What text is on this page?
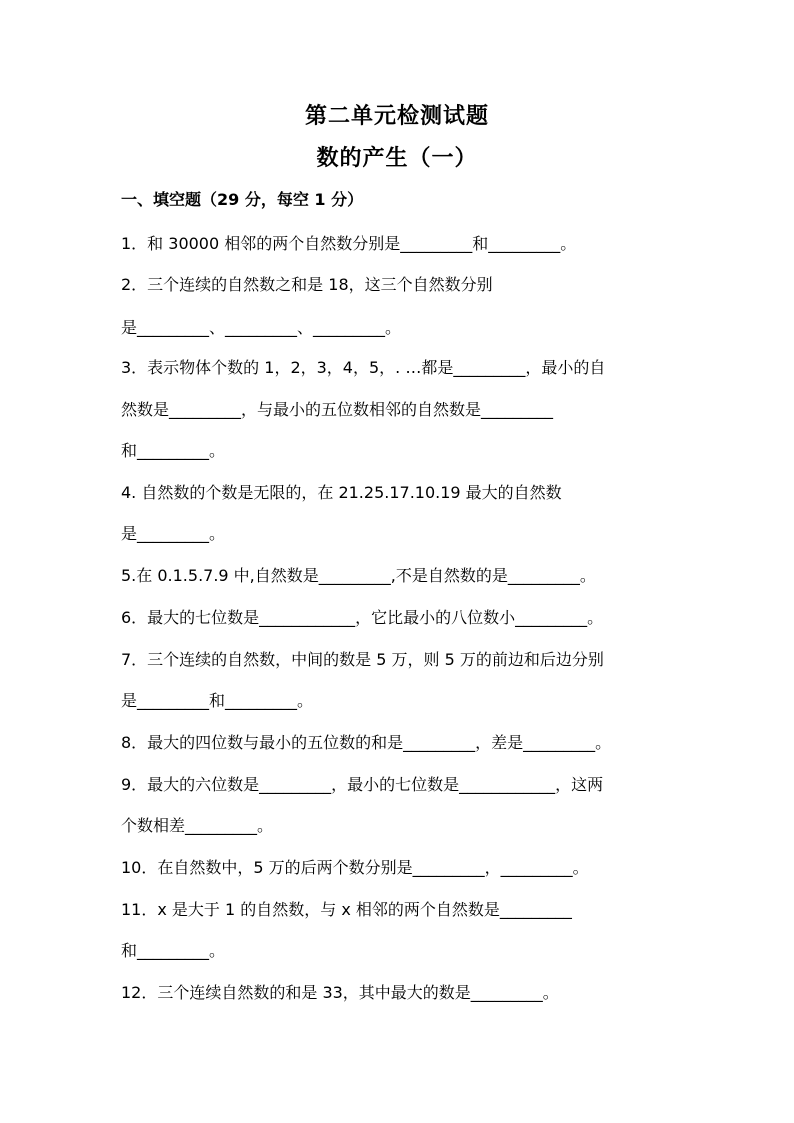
第二单元检测试题
数的产生（一）
一、填空题（29 分，每空 1 分）
1．和 30000 相邻的两个自然数分别是_________和_________。
2．三个连续的自然数之和是 18，这三个自然数分别
是_________、_________、_________。
3．表示物体个数的 1，2，3，4，5，. …都是_________，最小的自
然数是_________，与最小的五位数相邻的自然数是_________
和_________。
4. 自然数的个数是无限的，在 21.25.17.10.19 最大的自然数
是_________。
5.在 0.1.5.7.9 中,自然数是_________,不是自然数的是_________。
6．最大的七位数是____________，它比最小的八位数小_________。
7．三个连续的自然数，中间的数是 5 万，则 5 万的前边和后边分别
是_________和_________。
8．最大的四位数与最小的五位数的和是_________，差是_________。
9．最大的六位数是_________，最小的七位数是____________，这两
个数相差_________。
10．在自然数中，5 万的后两个数分别是_________，_________。
11．x 是大于 1 的自然数，与 x 相邻的两个自然数是_________
和_________。
12．三个连续自然数的和是 33，其中最大的数是_________。
